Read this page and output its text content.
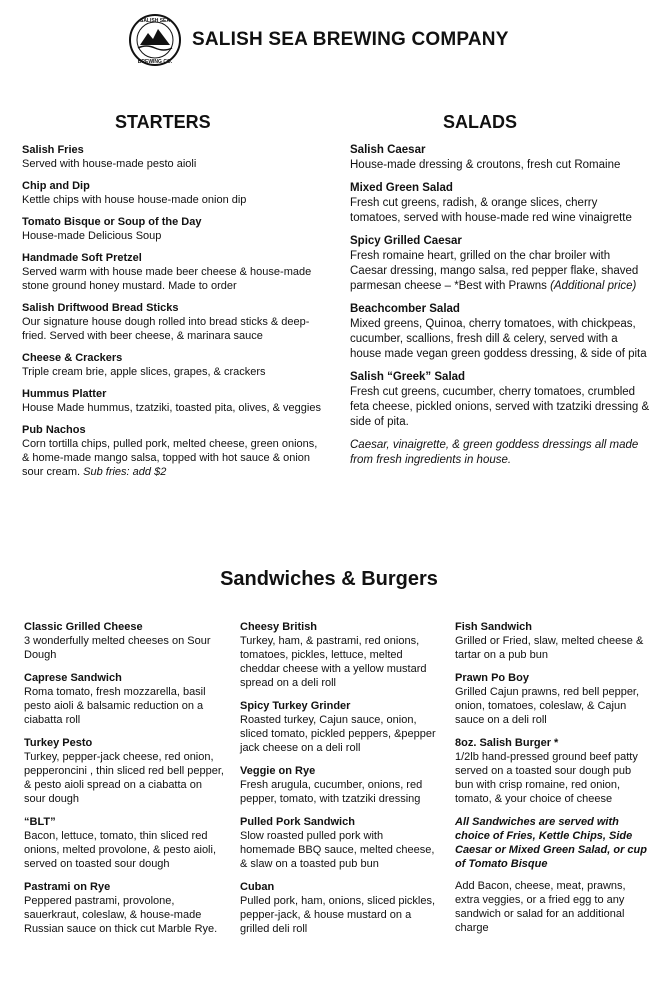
SALISH SEA
BREWING CO.
SALISH SEA BREWING COMPANY
STARTERS	SALADS
Salish Fries
Served with house-made pesto aioli
Chip and Dip
Kettle chips with house house-made onion dip
Tomato Bisque or Soup of the Day
House-made Delicious Soup
Handmade Soft Pretzel
Served warm with house made beer cheese & house-made stone ground honey mustard. Made to order
Salish Driftwood Bread Sticks
Our signature house dough rolled into bread sticks & deep-fried. Served with beer cheese, & marinara sauce
Cheese & Crackers
Triple cream brie, apple slices, grapes, & crackers
Hummus Platter
House Made hummus, tzatziki, toasted pita, olives, & veggies
Pub Nachos
Corn tortilla chips, pulled pork, melted cheese, green onions, & home-made mango salsa, topped with hot sauce & onion sour cream. Sub fries: add $2
Salish Caesar
House-made dressing & croutons, fresh cut Romaine
Mixed Green Salad
Fresh cut greens, radish, & orange slices, cherry tomatoes, served with house-made red wine vinaigrette
Spicy Grilled Caesar
Fresh romaine heart, grilled on the char broiler with Caesar dressing, mango salsa, red pepper flake, shaved parmesan cheese – *Best with Prawns (Additional price)
Beachcomber Salad
Mixed greens, Quinoa, cherry tomatoes, with chickpeas, cucumber, scallions, fresh dill & celery, served with a house made vegan green goddess dressing, & side of pita
Salish “Greek” Salad
Fresh cut greens, cucumber, cherry tomatoes, crumbled feta cheese, pickled onions, served with tzatziki dressing & side of pita.
Caesar, vinaigrette, & green goddess dressings all made from fresh ingredients in house.
Sandwiches & Burgers
Classic Grilled Cheese
3 wonderfully melted cheeses on Sour Dough
Caprese Sandwich
Roma tomato, fresh mozzarella, basil pesto aioli & balsamic reduction on a ciabatta roll
Turkey Pesto
Turkey, pepper-jack cheese, red onion, pepperoncini , thin sliced red bell pepper, & pesto aioli spread on a ciabatta on sour dough
“BLT”
Bacon, lettuce, tomato, thin sliced red onions, melted provolone, & pesto aioli, served on toasted sour dough
Pastrami on Rye
Peppered pastrami, provolone, sauerkraut, coleslaw, & house-made Russian sauce on thick cut Marble Rye.
Cheesy British
Turkey, ham, & pastrami, red onions, tomatoes, pickles, lettuce, melted cheddar cheese with a yellow mustard spread on a deli roll
Spicy Turkey Grinder
Roasted turkey, Cajun sauce, onion, sliced tomato, pickled peppers, &pepper jack cheese on a deli roll
Veggie on Rye
Fresh arugula, cucumber, onions, red pepper, tomato, with tzatziki dressing
Pulled Pork Sandwich
Slow roasted pulled pork with homemade BBQ sauce, melted cheese, & slaw on a toasted pub bun
Cuban
Pulled pork, ham, onions, sliced pickles, pepper-jack, & house mustard on a grilled deli roll
Fish Sandwich
Grilled or Fried, slaw, melted cheese & tartar on a pub bun
Prawn Po Boy
Grilled Cajun prawns, red bell pepper, onion, tomatoes, coleslaw, & Cajun sauce on a deli roll
8oz. Salish Burger *
1/2lb hand-pressed ground beef patty served on a toasted sour dough pub bun with crisp romaine, red onion, tomato, & your choice of cheese
All Sandwiches are served with choice of Fries, Kettle Chips, Side Caesar or Mixed Green Salad, or cup of Tomato Bisque
Add Bacon, cheese, meat, prawns, extra veggies, or a fried egg to any sandwich or salad for an additional charge
